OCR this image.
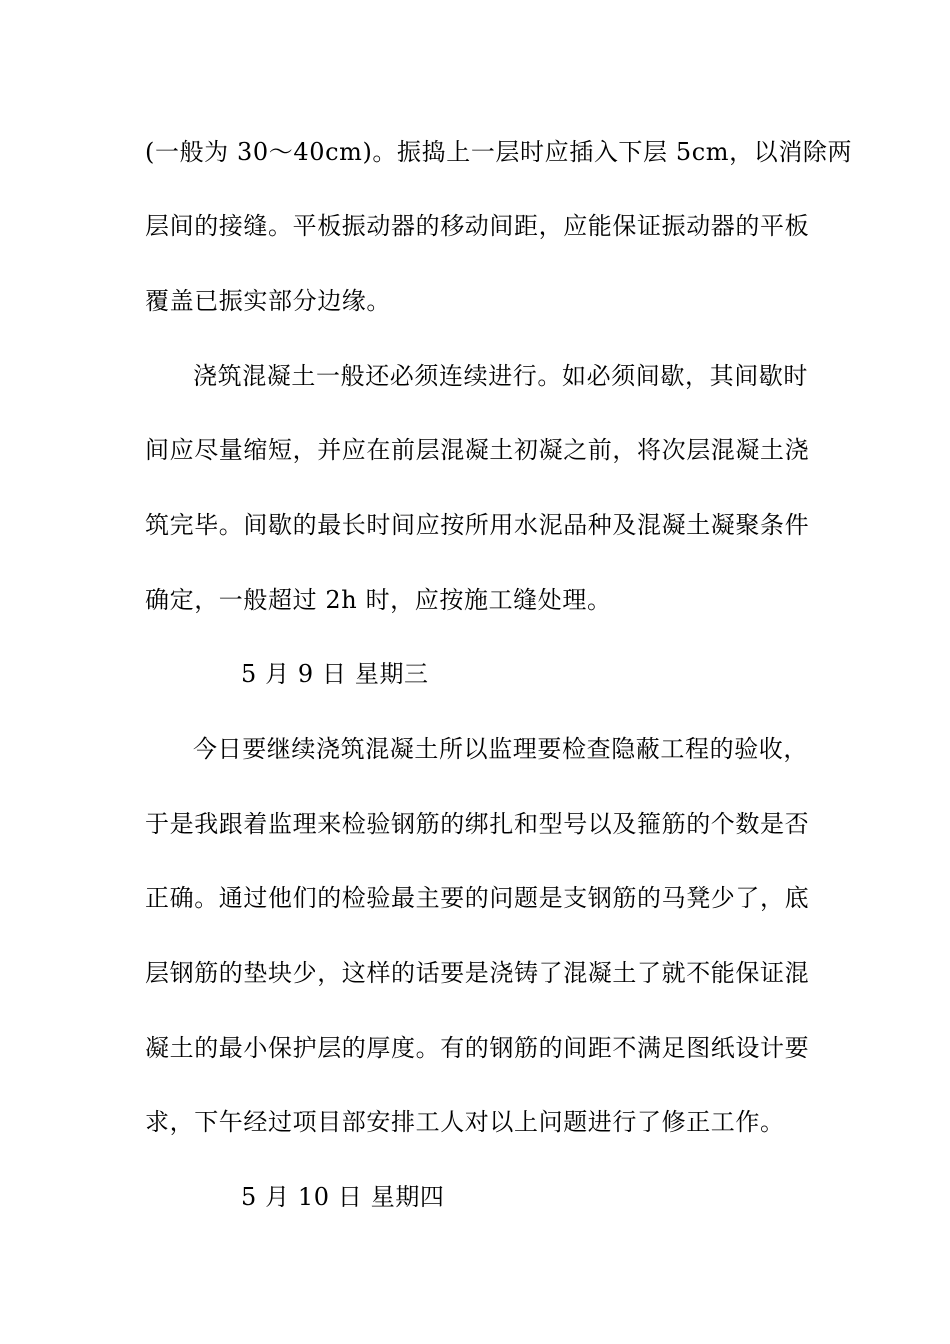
(一般为 30～40cm)。振捣上一层时应插入下层 5cm，以消除两
层间的接缝。平板振动器的移动间距，应能保证振动器的平板
覆盖已振实部分边缘。
浇筑混凝土一般还必须连续进行。如必须间歇，其间歇时
间应尽量缩短，并应在前层混凝土初凝之前，将次层混凝土浇
筑完毕。间歇的最长时间应按所用水泥品种及混凝土凝聚条件
确定，一般超过 2h 时，应按施工缝处理。
5 月 9 日 星期三
今日要继续浇筑混凝土所以监理要检查隐蔽工程的验收，
于是我跟着监理来检验钢筋的绑扎和型号以及箍筋的个数是否
正确。通过他们的检验最主要的问题是支钢筋的马凳少了，底
层钢筋的垫块少，这样的话要是浇铸了混凝土了就不能保证混
凝土的最小保护层的厚度。有的钢筋的间距不满足图纸设计要
求，下午经过项目部安排工人对以上问题进行了修正工作。
5 月 10 日 星期四
